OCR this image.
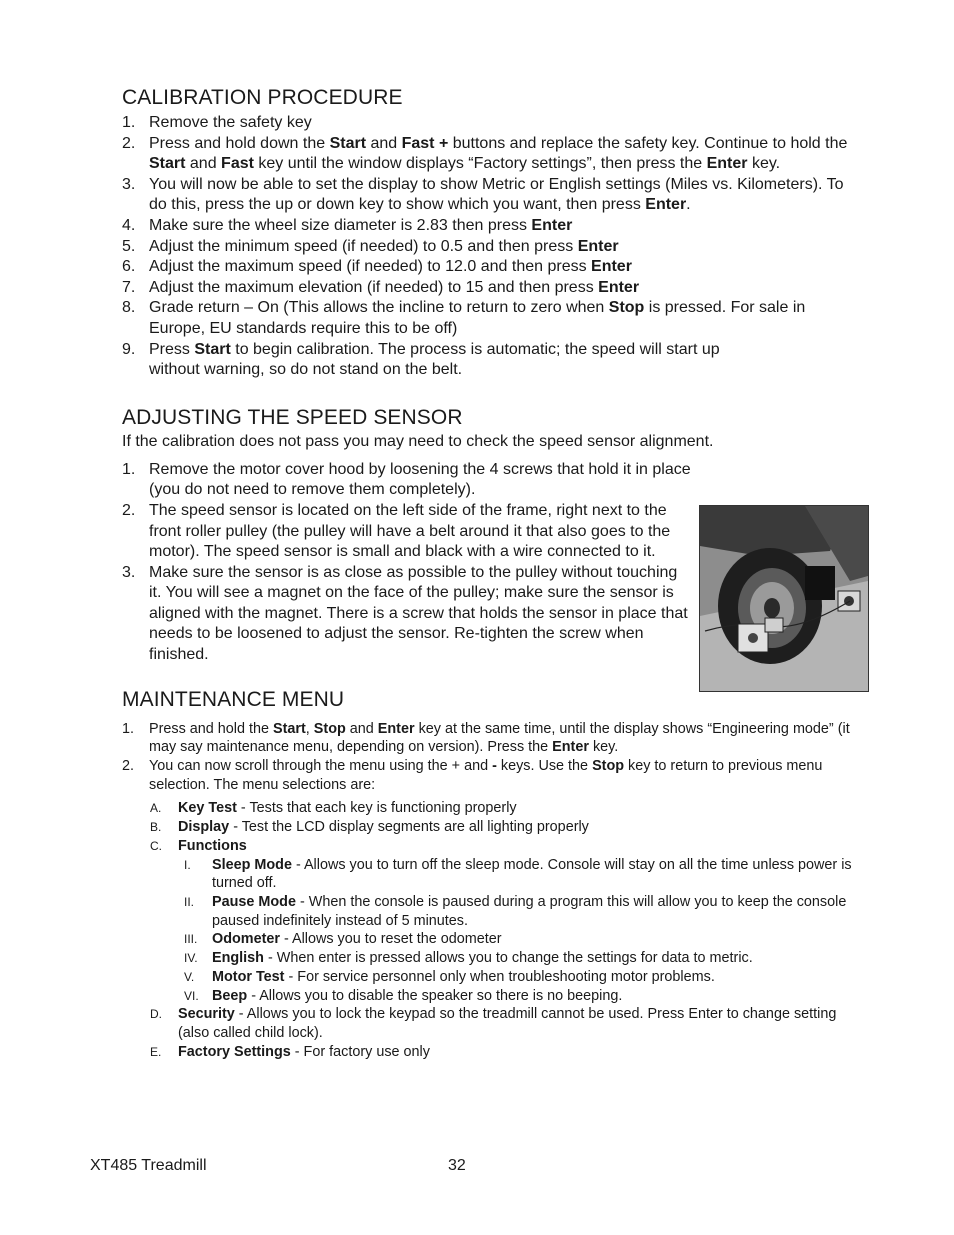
CALIBRATION PROCEDURE
1. Remove the safety key
2. Press and hold down the Start and Fast + buttons and replace the safety key. Continue to hold the Start and Fast key until the window displays “Factory settings”, then press the Enter key.
3. You will now be able to set the display to show Metric or English settings (Miles vs. Kilometers). To do this, press the up or down key to show which you want, then press Enter.
4. Make sure the wheel size diameter is 2.83 then press Enter
5. Adjust the minimum speed (if needed) to 0.5 and then press Enter
6. Adjust the maximum speed (if needed) to 12.0 and then press Enter
7. Adjust the maximum elevation (if needed) to 15 and then press Enter
8. Grade return – On (This allows the incline to return to zero when Stop is pressed. For sale in Europe, EU standards require this to be off)
9. Press Start to begin calibration. The process is automatic; the speed will start up
without warning, so do not stand on the belt.
ADJUSTING THE SPEED SENSOR

If the calibration does not pass you may need to check the speed sensor alignment.

1. Remove the motor cover hood by loosening the 4 screws that hold it in place (you do not need to remove them completely).
2. The speed sensor is located on the left side of the frame, right next to the front roller pulley (the pulley will have a belt around it that also goes to the motor). The speed sensor is small and black with a wire connected to it.
3. Make sure the sensor is as close as possible to the pulley without touching it. You will see a magnet on the face of the pulley; make sure the sensor is aligned with the magnet. There is a screw that holds the sensor in place that needs to be loosened to adjust the sensor. Re-tighten the screw when finished.
MAINTENANCE MENU
1. Press and hold the Start, Stop and Enter key at the same time, until the display shows “Engineering mode” (it may say maintenance menu, depending on version). Press the Enter key.
2. You can now scroll through the menu using the + and - keys. Use the Stop key to return to previous menu selection. The menu selections are:
A. Key Test - Tests that each key is functioning properly
B. Display - Test the LCD display segments are all lighting properly
C. Functions
I. Sleep Mode - Allows you to turn off the sleep mode. Console will stay on all the time unless power is turned off.
II. Pause Mode - When the console is paused during a program this will allow you to keep the console paused indefinitely instead of 5 minutes.
III. Odometer - Allows you to reset the odometer
IV. English - When enter is pressed allows you to change the settings for data to metric.
V. Motor Test - For service personnel only when troubleshooting motor problems.
VI. Beep - Allows you to disable the speaker so there is no beeping.
D. Security - Allows you to lock the keypad so the treadmill cannot be used. Press Enter to change setting (also called child lock).
E. Factory Settings - For factory use only
XT485 Treadmill	32
